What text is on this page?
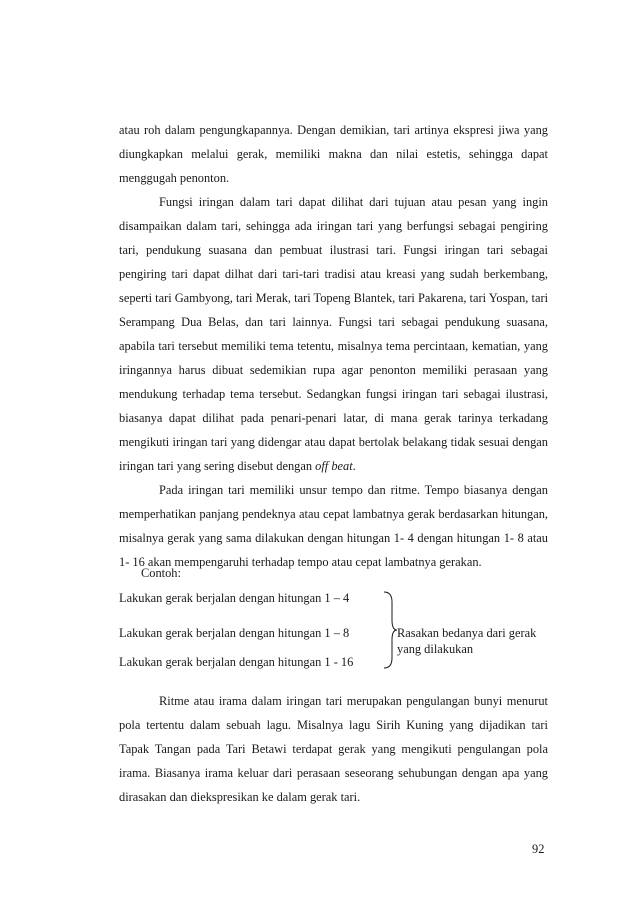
atau roh dalam pengungkapannya. Dengan demikian, tari artinya ekspresi jiwa yang diungkapkan melalui gerak, memiliki makna dan nilai estetis, sehingga dapat menggugah penonton.

Fungsi iringan dalam tari dapat dilihat dari tujuan atau pesan yang ingin disampaikan dalam tari, sehingga ada iringan tari yang berfungsi sebagai pengiring tari, pendukung suasana dan pembuat ilustrasi tari. Fungsi iringan tari sebagai pengiring tari dapat dilhat dari tari-tari tradisi atau kreasi yang sudah berkembang, seperti tari Gambyong, tari Merak, tari Topeng Blantek, tari Pakarena, tari Yospan, tari Serampang Dua Belas, dan tari lainnya. Fungsi tari sebagai pendukung suasana, apabila tari tersebut memiliki tema tetentu, misalnya tema percintaan, kematian, yang iringannya harus dibuat sedemikian rupa agar penonton memiliki perasaan yang mendukung terhadap tema tersebut. Sedangkan fungsi iringan tari sebagai ilustrasi, biasanya dapat dilihat pada penari-penari latar, di mana gerak tarinya terkadang mengikuti iringan tari yang didengar atau dapat bertolak belakang tidak sesuai dengan iringan tari yang sering disebut dengan off beat.

Pada iringan tari memiliki unsur tempo dan ritme. Tempo biasanya dengan memperhatikan panjang pendeknya atau cepat lambatnya gerak berdasarkan hitungan, misalnya gerak yang sama dilakukan dengan hitungan 1- 4 dengan hitungan 1- 8 atau 1- 16 akan mempengaruhi terhadap tempo atau cepat lambatnya gerakan.

Contoh:
Lakukan gerak berjalan dengan hitungan 1 – 4
Lakukan gerak berjalan dengan hitungan 1 – 8
Lakukan gerak berjalan dengan hitungan 1 - 16
Rasakan bedanya dari gerak
yang dilakukan

Ritme atau irama dalam iringan tari merupakan pengulangan bunyi menurut pola tertentu dalam sebuah lagu. Misalnya lagu Sirih Kuning yang dijadikan tari Tapak Tangan pada Tari Betawi terdapat gerak yang mengikuti pengulangan pola irama. Biasanya irama keluar dari perasaan seseorang sehubungan dengan apa yang dirasakan dan diekspresikan ke dalam gerak tari.

92
